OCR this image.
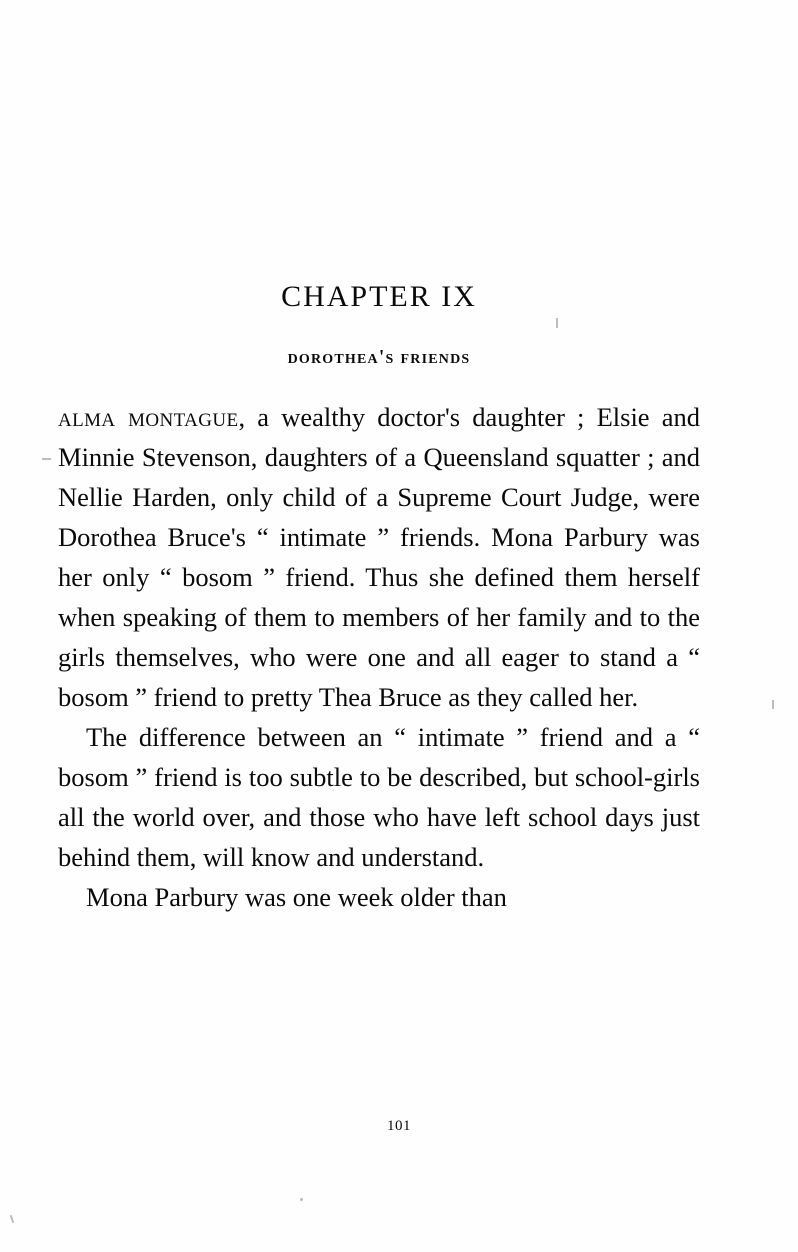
CHAPTER IX
dorothea's friends

alma montague, a wealthy doctor's daughter ; Elsie and Minnie Stevenson, daughters of a Queensland squatter ; and Nellie Harden, only child of a Supreme Court Judge, were Dorothea Bruce's “ intimate ” friends. Mona Parbury was her only “ bosom ” friend. Thus she defined them herself when speaking of them to members of her family and to the girls themselves, who were one and all eager to stand a “ bosom ” friend to pretty Thea Bruce as they called her.

The difference between an “ intimate ” friend and a “ bosom ” friend is too subtle to be described, but school-girls all the world over, and those who have left school days just behind them, will know and understand.

Mona Parbury was one week older than

101
